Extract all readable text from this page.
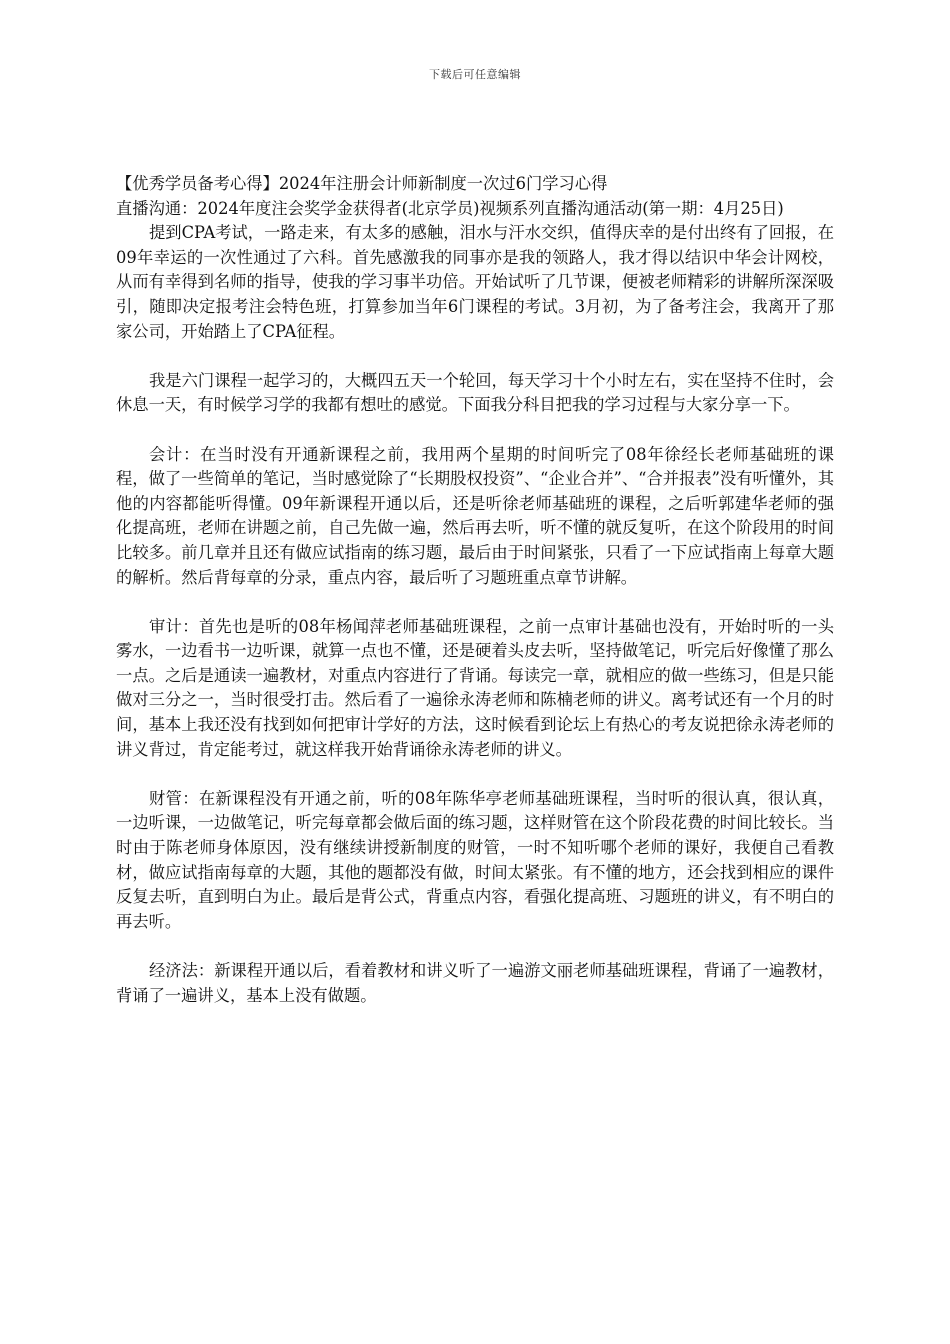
下载后可任意编辑

【优秀学员备考心得】2024年注册会计师新制度一次过6门学习心得

直播沟通：2024年度注会奖学金获得者(北京学员)视频系列直播沟通活动(第一期：4月25日)

提到CPA考试，一路走来，有太多的感触，泪水与汗水交织，值得庆幸的是付出终有了回报，在09年幸运的一次性通过了六科。首先感激我的同事亦是我的领路人，我才得以结识中华会计网校，从而有幸得到名师的指导，使我的学习事半功倍。开始试听了几节课，便被老师精彩的讲解所深深吸引，随即决定报考注会特色班，打算参加当年6门课程的考试。3月初，为了备考注会，我离开了那家公司，开始踏上了CPA征程。

我是六门课程一起学习的，大概四五天一个轮回，每天学习十个小时左右，实在坚持不住时，会休息一天，有时候学习学的我都有想吐的感觉。下面我分科目把我的学习过程与大家分享一下。

会计：在当时没有开通新课程之前，我用两个星期的时间听完了08年徐经长老师基础班的课程，做了一些简单的笔记，当时感觉除了“长期股权投资”、“企业合并”、“合并报表”没有听懂外，其他的内容都能听得懂。09年新课程开通以后，还是听徐老师基础班的课程，之后听郭建华老师的强化提高班，老师在讲题之前，自己先做一遍，然后再去听，听不懂的就反复听，在这个阶段用的时间比较多。前几章并且还有做应试指南的练习题，最后由于时间紧张，只看了一下应试指南上每章大题的解析。然后背每章的分录，重点内容，最后听了习题班重点章节讲解。

审计：首先也是听的08年杨闻萍老师基础班课程，之前一点审计基础也没有，开始时听的一头雾水，一边看书一边听课，就算一点也不懂，还是硬着头皮去听，坚持做笔记，听完后好像懂了那么一点。之后是通读一遍教材，对重点内容进行了背诵。每读完一章，就相应的做一些练习，但是只能做对三分之一，当时很受打击。然后看了一遍徐永涛老师和陈楠老师的讲义。离考试还有一个月的时间，基本上我还没有找到如何把审计学好的方法，这时候看到论坛上有热心的考友说把徐永涛老师的讲义背过，肯定能考过，就这样我开始背诵徐永涛老师的讲义。

财管：在新课程没有开通之前，听的08年陈华亭老师基础班课程，当时听的很认真，很认真，一边听课，一边做笔记，听完每章都会做后面的练习题，这样财管在这个阶段花费的时间比较长。当时由于陈老师身体原因，没有继续讲授新制度的财管，一时不知听哪个老师的课好，我便自己看教材，做应试指南每章的大题，其他的题都没有做，时间太紧张。有不懂的地方，还会找到相应的课件反复去听，直到明白为止。最后是背公式，背重点内容，看强化提高班、习题班的讲义，有不明白的再去听。

经济法：新课程开通以后，看着教材和讲义听了一遍游文丽老师基础班课程，背诵了一遍教材，背诵了一遍讲义，基本上没有做题。
